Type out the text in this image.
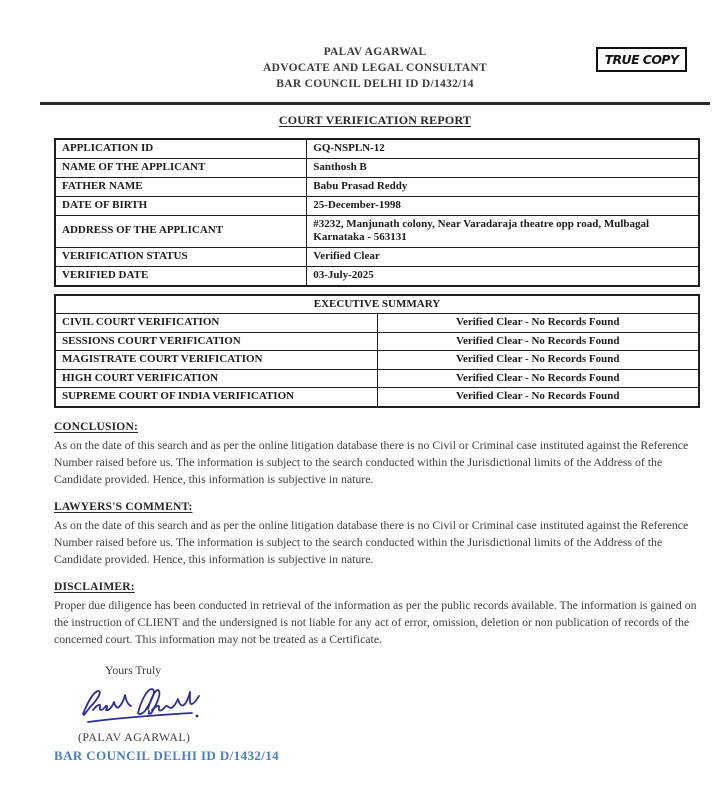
TRUE COPY
PALAV AGARWAL
ADVOCATE AND LEGAL CONSULTANT
BAR COUNCIL DELHI ID D/1432/14
COURT VERIFICATION REPORT
APPLICATION ID	GQ-NSPLN-12
NAME OF THE APPLICANT	Santhosh B
FATHER NAME	Babu Prasad Reddy
DATE OF BIRTH	25-December-1998
ADDRESS OF THE APPLICANT	#3232, Manjunath colony, Near Varadaraja theatre opp road, Mulbagal Karnataka - 563131
VERIFICATION STATUS	Verified Clear
VERIFIED DATE	03-July-2025
EXECUTIVE SUMMARY	
CIVIL COURT VERIFICATION	Verified Clear - No Records Found
SESSIONS COURT VERIFICATION	Verified Clear - No Records Found
MAGISTRATE COURT VERIFICATION	Verified Clear - No Records Found
HIGH COURT VERIFICATION	Verified Clear - No Records Found
SUPREME COURT OF INDIA VERIFICATION	Verified Clear - No Records Found
CONCLUSION:
As on the date of this search and as per the online litigation database there is no Civil or Criminal case instituted against the Reference Number raised before us. The information is subject to the search conducted within the Jurisdictional limits of the Address of the Candidate provided. Hence, this information is subjective in nature.
LAWYERS'S COMMENT:
As on the date of this search and as per the online litigation database there is no Civil or Criminal case instituted against the Reference Number raised before us. The information is subject to the search conducted within the Jurisdictional limits of the Address of the Candidate provided. Hence, this information is subjective in nature.
DISCLAIMER:
Proper due diligence has been conducted in retrieval of the information as per the public records available. The information is gained on the instruction of CLIENT and the undersigned is not liable for any act of error, omission, deletion or non publication of records of the concerned court. This information may not be treated as a Certificate.
Yours Truly
(PALAV AGARWAL)
BAR COUNCIL DELHI ID D/1432/14
